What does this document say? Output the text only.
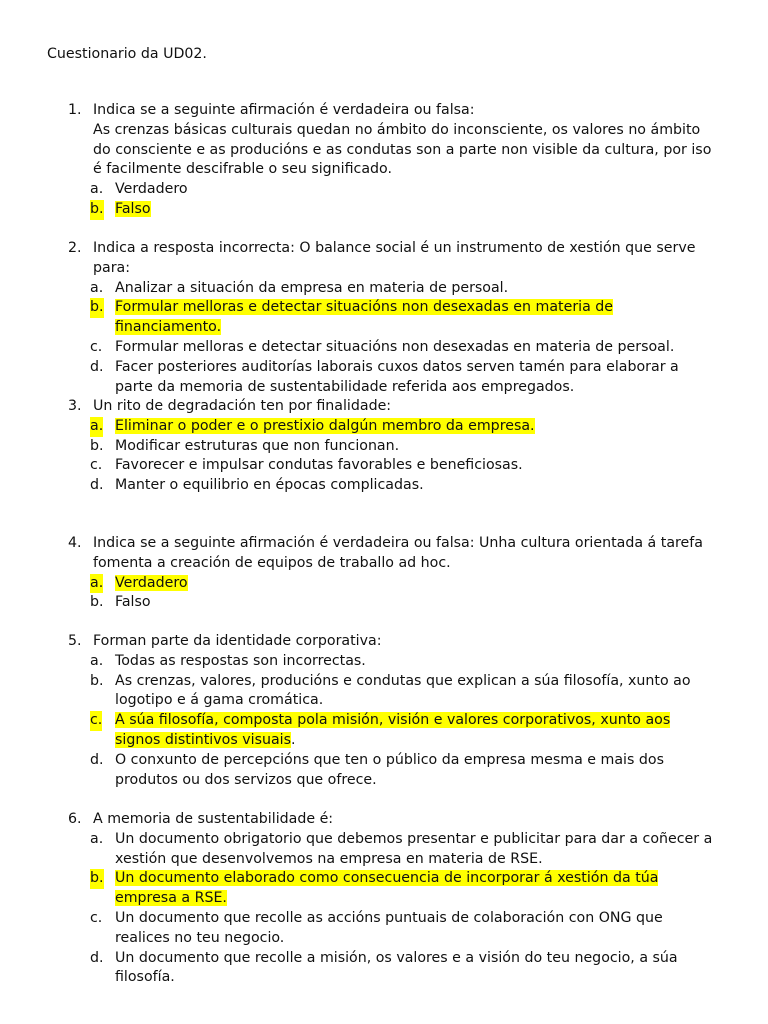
Cuestionario da UD02.
1. Indica se a seguinte afirmación é verdadeira ou falsa:
As crenzas básicas culturais quedan no ámbito do inconsciente, os valores no ámbito do consciente e as producións e as condutas son a parte non visible da cultura, por iso é facilmente descifrable o seu significado.
a. Verdadero
b. Falso
2. Indica a resposta incorrecta: O balance social é un instrumento de xestión que serve para:
a. Analizar a situación da empresa en materia de persoal.
b. Formular melloras e detectar situacións non desexadas en materia de financiamento.
c. Formular melloras e detectar situacións non desexadas en materia de persoal.
d. Facer posteriores auditorías laborais cuxos datos serven tamén para elaborar a parte da memoria de sustentabilidade referida aos empregados.
3. Un rito de degradación ten por finalidade:
a. Eliminar o poder e o prestixio dalgún membro da empresa.
b. Modificar estruturas que non funcionan.
c. Favorecer e impulsar condutas favorables e beneficiosas.
d. Manter o equilibrio en épocas complicadas.
4. Indica se a seguinte afirmación é verdadeira ou falsa: Unha cultura orientada á tarefa fomenta a creación de equipos de traballo ad hoc.
a. Verdadero
b. Falso
5. Forman parte da identidade corporativa:
a. Todas as respostas son incorrectas.
b. As crenzas, valores, producións e condutas que explican a súa filosofía, xunto ao logotipo e á gama cromática.
c. A súa filosofía, composta pola misión, visión e valores corporativos, xunto aos signos distintivos visuais.
d. O conxunto de percepcións que ten o público da empresa mesma e mais dos produtos ou dos servizos que ofrece.
6. A memoria de sustentabilidade é:
a. Un documento obrigatorio que debemos presentar e publicitar para dar a coñecer a xestión que desenvolvemos na empresa en materia de RSE.
b. Un documento elaborado como consecuencia de incorporar á xestión da túa empresa a RSE.
c. Un documento que recolle as accións puntuais de colaboración con ONG que realices no teu negocio.
d. Un documento que recolle a misión, os valores e a visión do teu negocio, a súa filosofía.
